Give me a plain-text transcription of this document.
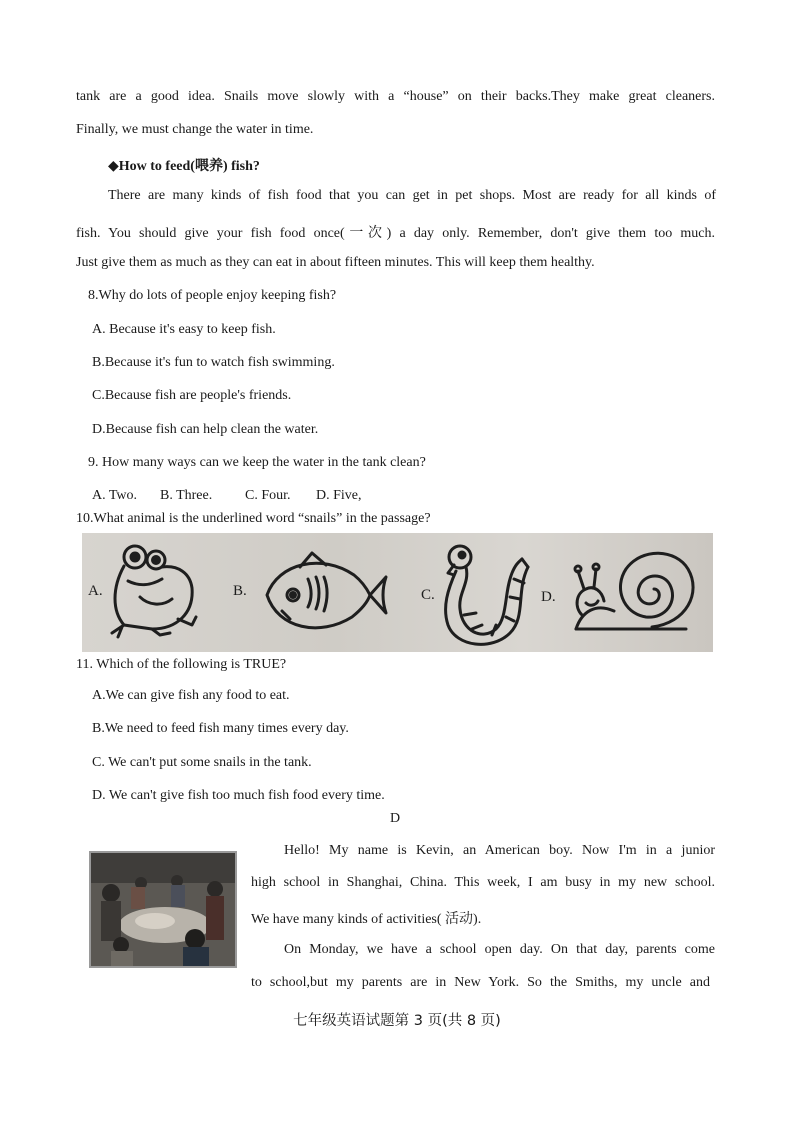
tank are a good idea. Snails move slowly with a “house” on their backs.They make great cleaners.
Finally, we must change the water in time.
◆How to feed(喂养) fish?
There are many kinds of fish food that you can get in pet shops. Most are ready for all kinds of
fish. You should give your fish food once(一次) a day only. Remember, don't give them too much.
Just give them as much as they can eat in about fifteen minutes. This will keep them healthy.
8.Why do lots of people enjoy keeping fish?
A. Because it's easy to keep fish.
B.Because it's fun to watch fish swimming.
C.Because fish are people's friends.
D.Because fish can help clean the water.
9. How many ways can we keep the water in the tank clean?
A. Two. B. Three. C. Four. D. Five,
10.What animal is the underlined word “snails” in the passage?
A.	B.	C.	D.
11. Which of the following is TRUE?
A.We can give fish any food to eat.
B.We need to feed fish many times every day.
C. We can't put some snails in the tank.
D. We can't give fish too much fish food every time.
D
Hello! My name is Kevin, an American boy. Now I'm in a junior
high school in Shanghai, China. This week, I am busy in my new school.
We have many kinds of activities( 活动).
On Monday, we have a school open day. On that day, parents come
to school,but my parents are in New York. So the Smiths, my uncle and
七年级英语试题第 3 页(共 8 页)
